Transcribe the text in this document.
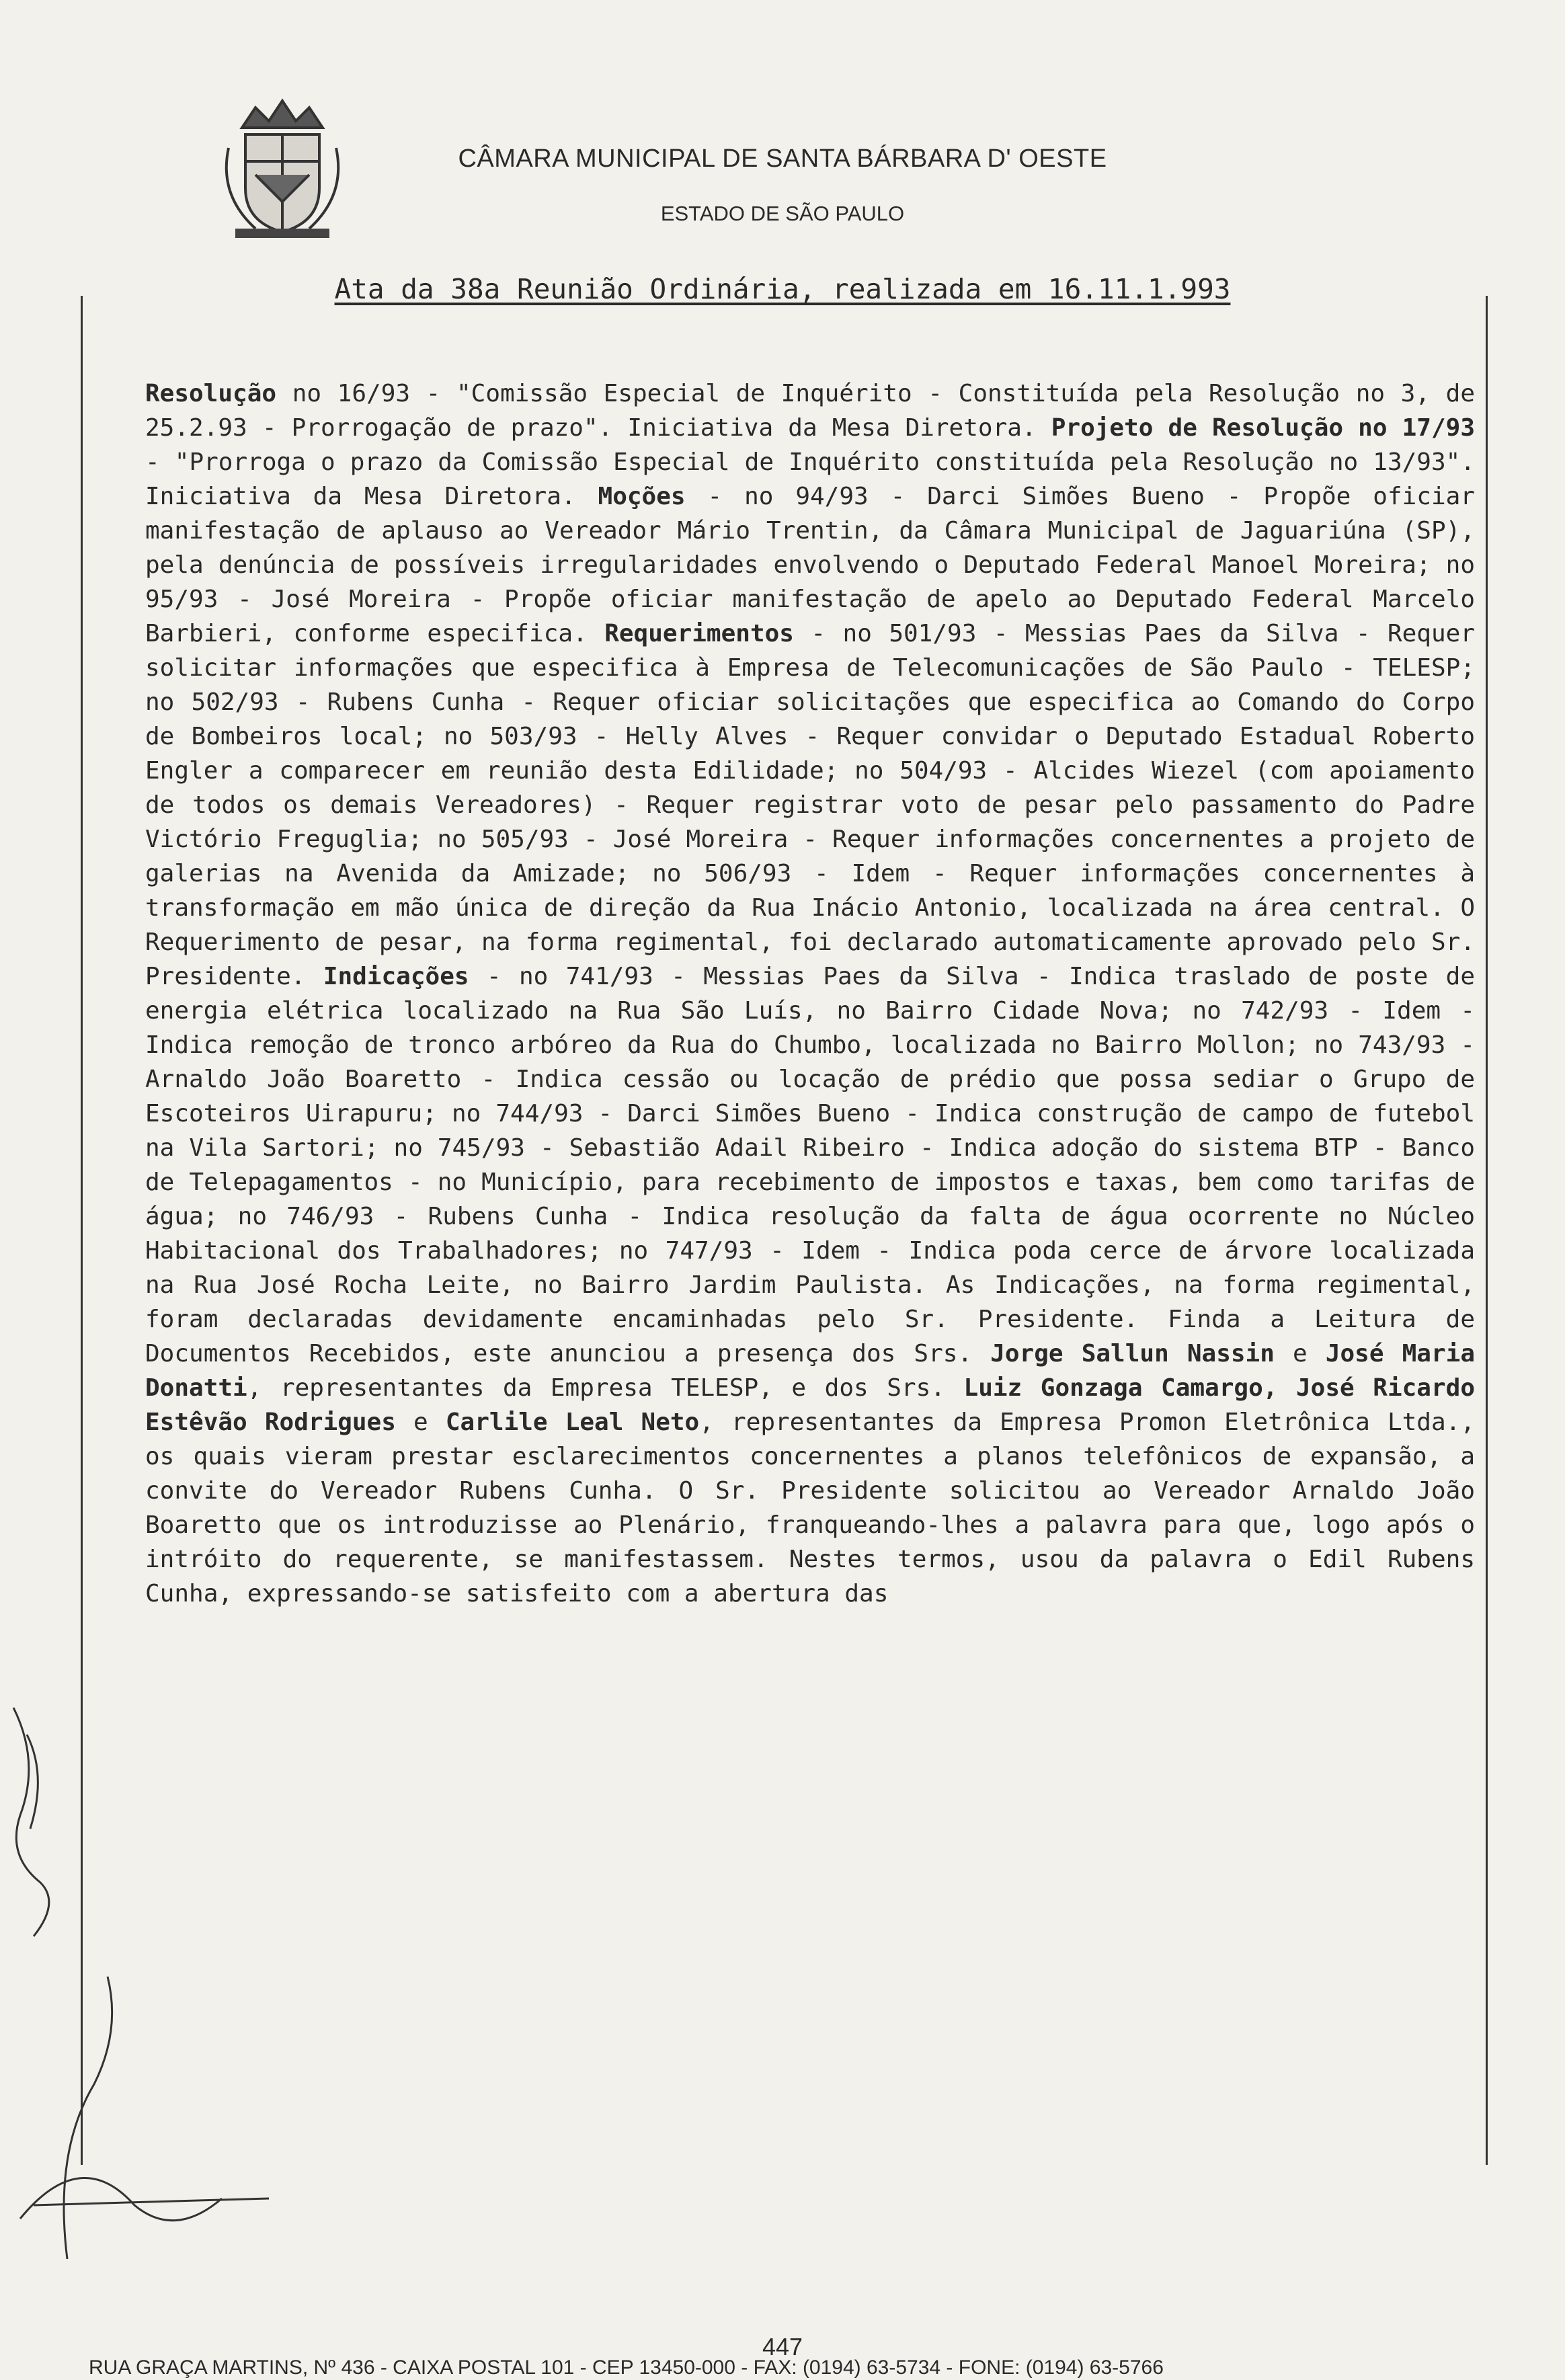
CÂMARA MUNICIPAL DE SANTA BÁRBARA D' OESTE
ESTADO DE SÃO PAULO
Ata da 38a Reunião Ordinária, realizada em 16.11.1.993

Resolução no 16/93 - "Comissão Especial de Inquérito - Constituída pela Resolução no 3, de 25.2.93 - Prorrogação de prazo". Iniciativa da Mesa Diretora. Projeto de Resolução no 17/93 - "Prorroga o prazo da Comissão Especial de Inquérito constituída pela Resolução no 13/93". Iniciativa da Mesa Diretora. Moções - no 94/93 - Darci Simões Bueno - Propõe oficiar manifestação de aplauso ao Vereador Mário Trentin, da Câmara Municipal de Jaguariúna (SP), pela denúncia de possíveis irregularidades envolvendo o Deputado Federal Manoel Moreira; no 95/93 - José Moreira - Propõe oficiar manifestação de apelo ao Deputado Federal Marcelo Barbieri, conforme especifica. Requerimentos - no 501/93 - Messias Paes da Silva - Requer solicitar informações que especifica à Empresa de Telecomunicações de São Paulo - TELESP; no 502/93 - Rubens Cunha - Requer oficiar solicitações que especifica ao Comando do Corpo de Bombeiros local; no 503/93 - Helly Alves - Requer convidar o Deputado Estadual Roberto Engler a comparecer em reunião desta Edilidade; no 504/93 - Alcides Wiezel (com apoiamento de todos os demais Vereadores) - Requer registrar voto de pesar pelo passamento do Padre Victório Freguglia; no 505/93 - José Moreira - Requer informações concernentes a projeto de galerias na Avenida da Amizade; no 506/93 - Idem - Requer informações concernentes à transformação em mão única de direção da Rua Inácio Antonio, localizada na área central. O Requerimento de pesar, na forma regimental, foi declarado automaticamente aprovado pelo Sr. Presidente. Indicações - no 741/93 - Messias Paes da Silva - Indica traslado de poste de energia elétrica localizado na Rua São Luís, no Bairro Cidade Nova; no 742/93 - Idem - Indica remoção de tronco arbóreo da Rua do Chumbo, localizada no Bairro Mollon; no 743/93 - Arnaldo João Boaretto - Indica cessão ou locação de prédio que possa sediar o Grupo de Escoteiros Uirapuru; no 744/93 - Darci Simões Bueno - Indica construção de campo de futebol na Vila Sartori; no 745/93 - Sebastião Adail Ribeiro - Indica adoção do sistema BTP - Banco de Telepagamentos - no Município, para recebimento de impostos e taxas, bem como tarifas de água; no 746/93 - Rubens Cunha - Indica resolução da falta de água ocorrente no Núcleo Habitacional dos Trabalhadores; no 747/93 - Idem - Indica poda cerce de árvore localizada na Rua José Rocha Leite, no Bairro Jardim Paulista. As Indicações, na forma regimental, foram declaradas devidamente encaminhadas pelo Sr. Presidente. Finda a Leitura de Documentos Recebidos, este anunciou a presença dos Srs. Jorge Sallun Nassin e José Maria Donatti, representantes da Empresa TELESP, e dos Srs. Luiz Gonzaga Camargo, José Ricardo Estêvão Rodrigues e Carlile Leal Neto, representantes da Empresa Promon Eletrônica Ltda., os quais vieram prestar esclarecimentos concernentes a planos telefônicos de expansão, a convite do Vereador Rubens Cunha. O Sr. Presidente solicitou ao Vereador Arnaldo João Boaretto que os introduzisse ao Plenário, franqueando-lhes a palavra para que, logo após o intróito do requerente, se manifestassem. Nestes termos, usou da palavra o Edil Rubens Cunha, expressando-se satisfeito com a abertura das

447
RUA GRAÇA MARTINS, Nº 436 - CAIXA POSTAL 101 - CEP 13450-000 - FAX: (0194) 63-5734 - FONE: (0194) 63-5766
